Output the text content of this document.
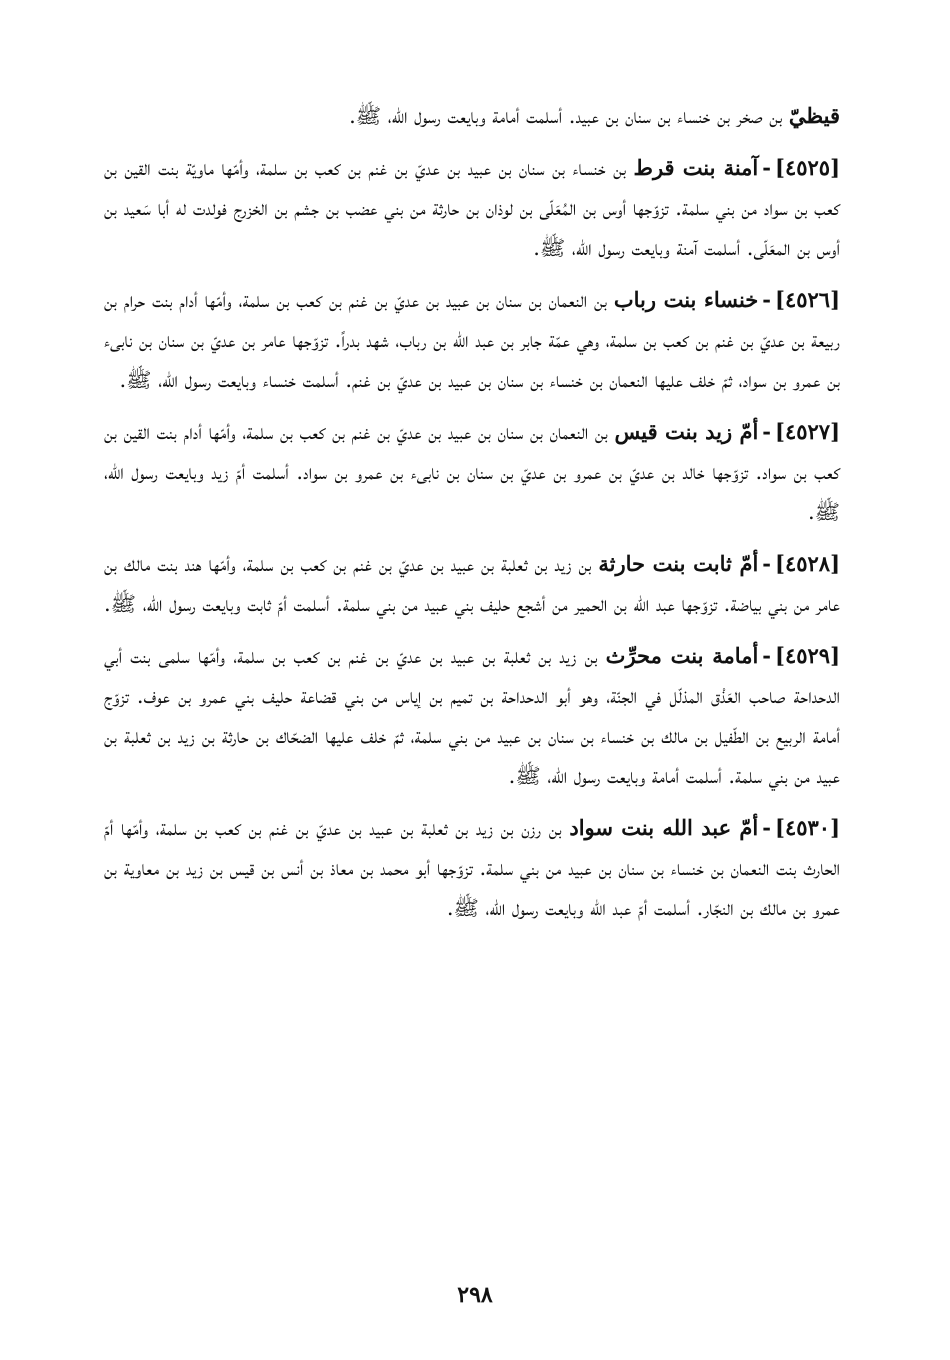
قيظيّ بن صخر بن خنساء بن سنان بن عبيد. أسلمت أمامة وبايعت رسول الله، ﷺ.

[٤٥٢٥]-آمنة بنت قرط بن خنساء بن سنان بن عبيد بن عديّ بن غنم بن كعب بن سلمة، وأمّها ماويّة بنت القين بن كعب بن سواد من بني سلمة. تزوّجها أوس بن المُعَلّى بن لوذان بن حارثة من بني عضب بن جشم بن الخزرج فولدت له أبا سَعيد بن أوس بن المعَلّى. أسلمت آمنة وبايعت رسول الله، ﷺ.

[٤٥٢٦]-خنساء بنت رباب بن النعمان بن سنان بن عبيد بن عديّ بن غنم بن كعب بن سلمة، وأمّها أدام بنت حرام بن ربيعة بن عديّ بن غنم بن كعب بن سلمة، وهي عمّة جابر بن عبد الله بن رباب، شهد بدراً. تزوّجها عامر بن عديّ بن سنان بن نابىء بن عمرو بن سواد، ثمّ خلف عليها النعمان بن خنساء بن سنان بن عبيد بن عديّ بن غنم. أسلمت خنساء وبايعت رسول الله، ﷺ.

[٤٥٢٧]-أمّ زيد بنت قيس بن النعمان بن سنان بن عبيد بن عديّ بن غنم بن كعب بن سلمة، وأمّها أدام بنت القين بن كعب بن سواد. تزوّجها خالد بن عديّ بن عمرو بن عديّ بن سنان بن نابىء بن عمرو بن سواد. أسلمت أمّ زيد وبايعت رسول الله، ﷺ.

[٤٥٢٨]-أمّ ثابت بنت حارثة بن زيد بن ثعلبة بن عبيد بن عديّ بن غنم بن كعب بن سلمة، وأمّها هند بنت مالك بن عامر من بني بياضة. تزوّجها عبد الله بن الحمير من أشجع حليف بني عبيد من بني سلمة. أسلمت أمّ ثابت وبايعت رسول الله، ﷺ.

[٤٥٢٩]-أمامة بنت محرِّث بن زيد بن ثعلبة بن عبيد بن عديّ بن غنم بن كعب بن سلمة، وأمّها سلمى بنت أبي الدحداحة صاحب العَذْق المذلّل في الجنّة، وهو أبو الدحداحة بن تميم بن إياس من بني قضاعة حليف بني عمرو بن عوف. تزوّج أمامة الربيع بن الطّفيل بن مالك بن خنساء بن سنان بن عبيد من بني سلمة، ثمّ خلف عليها الضحّاك بن حارثة بن زيد بن ثعلبة بن عبيد من بني سلمة. أسلمت أمامة وبايعت رسول الله، ﷺ.

[٤٥٣٠]-أمّ عبد الله بنت سواد بن رزن بن زيد بن ثعلبة بن عبيد بن عديّ بن غنم بن كعب بن سلمة، وأمّها أمّ الحارث بنت النعمان بن خنساء بن سنان بن عبيد من بني سلمة. تزوّجها أبو محمد بن معاذ بن أنس بن قيس بن زيد بن معاوية بن عمرو بن مالك بن النجّار. أسلمت أمّ عبد الله وبايعت رسول الله، ﷺ.

٢٩٨
